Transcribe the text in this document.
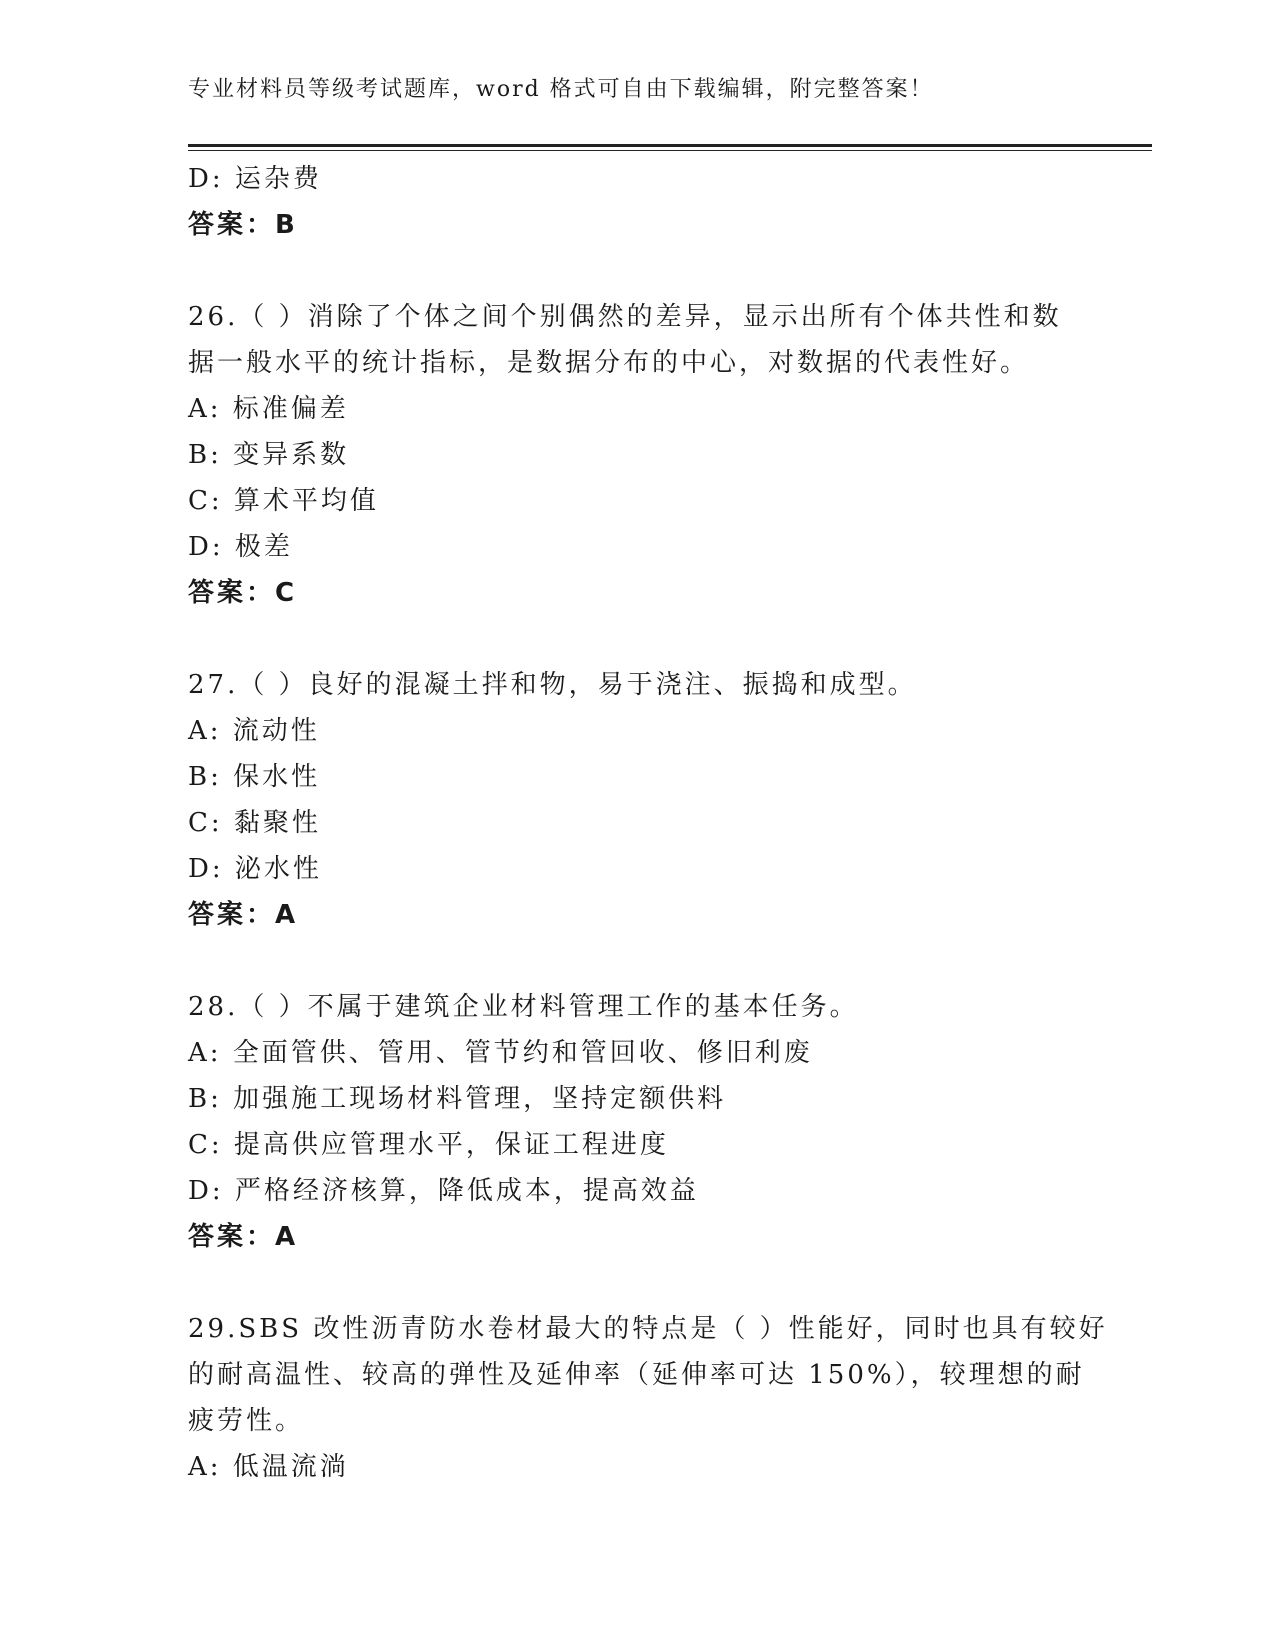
专业材料员等级考试题库，word 格式可自由下载编辑，附完整答案！
D: 运杂费
答案：B
26.（ ）消除了个体之间个别偶然的差异，显示出所有个体共性和数
据一般水平的统计指标，是数据分布的中心，对数据的代表性好。
A: 标准偏差
B: 变异系数
C: 算术平均值
D: 极差
答案：C
27.（ ）良好的混凝土拌和物，易于浇注、振捣和成型。
A: 流动性
B: 保水性
C: 黏聚性
D: 泌水性
答案：A
28.（ ）不属于建筑企业材料管理工作的基本任务。
A: 全面管供、管用、管节约和管回收、修旧利废
B: 加强施工现场材料管理，坚持定额供料
C: 提高供应管理水平，保证工程进度
D: 严格经济核算，降低成本，提高效益
答案：A
29.SBS 改性沥青防水卷材最大的特点是（ ）性能好，同时也具有较好
的耐高温性、较高的弹性及延伸率（延伸率可达 150%），较理想的耐
疲劳性。
A: 低温流淌
